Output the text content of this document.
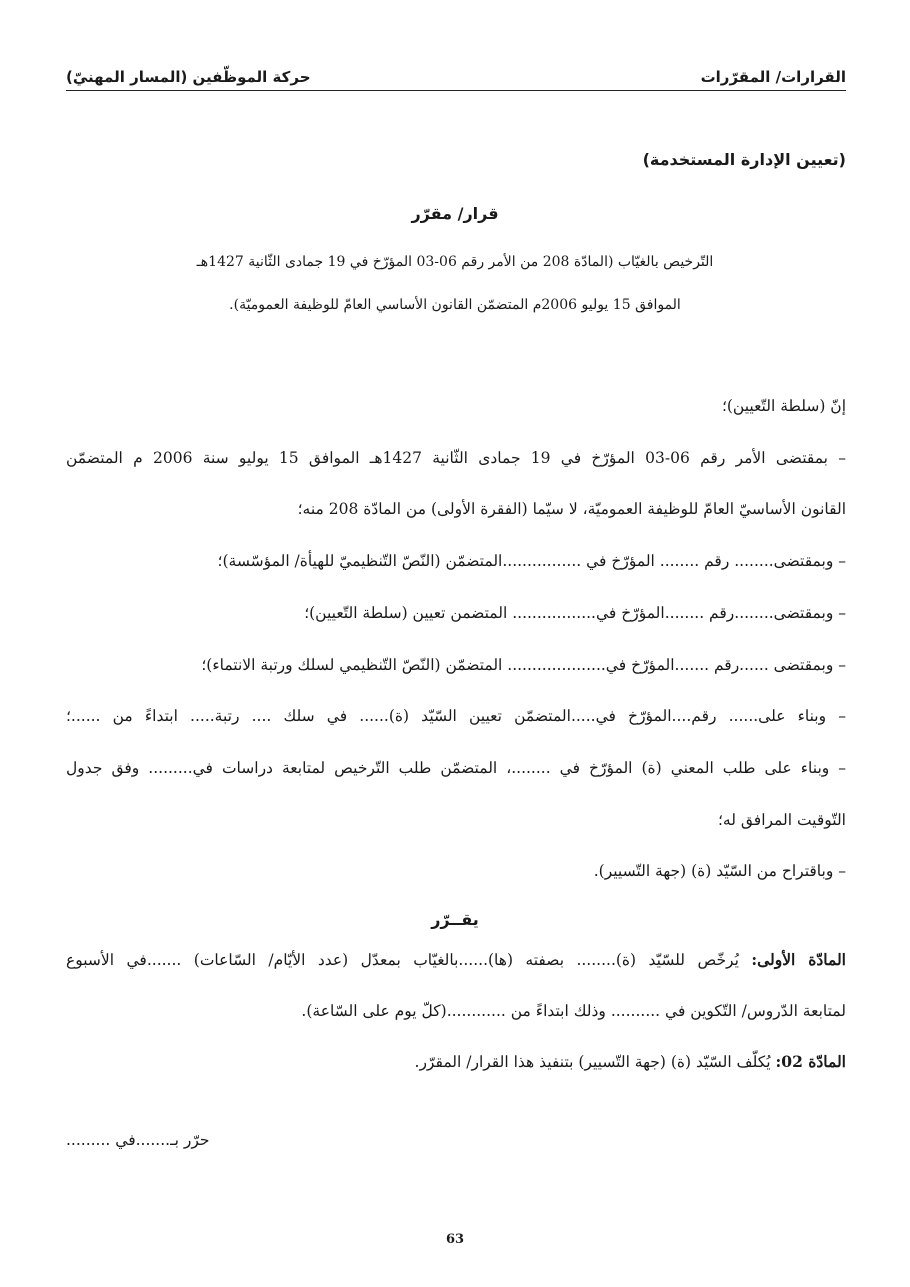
القرارات/ المقرّرات
حركة الموظّفين (المسار المهنيّ)
(تعيين الإدارة المستخدمة)
قرار/ مقرّر
التّرخيص بالغيّاب (المادّة 208 من الأمر رقم 06-03 المؤرّخ في 19 جمادى الثّانية 1427هـ
الموافق 15 يوليو 2006م المتضمّن القانون الأساسي العامّ للوظيفة العموميّة).
إنّ (سلطة التّعيين)؛
– بمقتضى الأمر رقم 06-03 المؤرّخ في 19 جمادى الثّانية 1427هـ الموافق 15 يوليو سنة 2006 م المتضمّن
القانون الأساسيّ العامّ للوظيفة العموميّة، لا سيّما (الفقرة الأولى) من المادّة 208 منه؛
– وبمقتضى........ رقم ........ المؤرّخ في ................المتضمّن (النّصّ التّنظيميّ للهيأة/ المؤسّسة)؛
– وبمقتضى........رقم ........المؤرّخ في................. المتضمن تعيين (سلطة التّعيين)؛
– وبمقتضى ......رقم .......المؤرّخ في.................... المتضمّن (النّصّ التّنظيمي لسلك ورتبة الانتماء)؛
– وبناء على...... رقم....المؤرّخ في.....المتضمّن تعيين السّيّد (ة)...... في سلك .... رتبة..... ابتداءً من ......؛
– وبناء على طلب المعني (ة) المؤرّخ في ........، المتضمّن طلب التّرخيص لمتابعة دراسات في......... وفق جدول
التّوقيت المرافق له؛
– وباقتراح من السّيّد (ة) (جهة التّسيير).
يقــرّر
المادّة الأولى: يُرخّص للسّيّد (ة)........ بصفته (ها)......بالغيّاب بمعدّل (عدد الأيّام/ السّاعات) .......في الأسبوع
لمتابعة الدّروس/ التّكوين في .......... وذلك ابتداءً من ............(كلّ يوم على السّاعة).
المادّة 02: يُكلّف السّيّد (ة) (جهة التّسيير) بتنفيذ هذا القرار/ المقرّر.
حرّر بـ.......في .........
63
